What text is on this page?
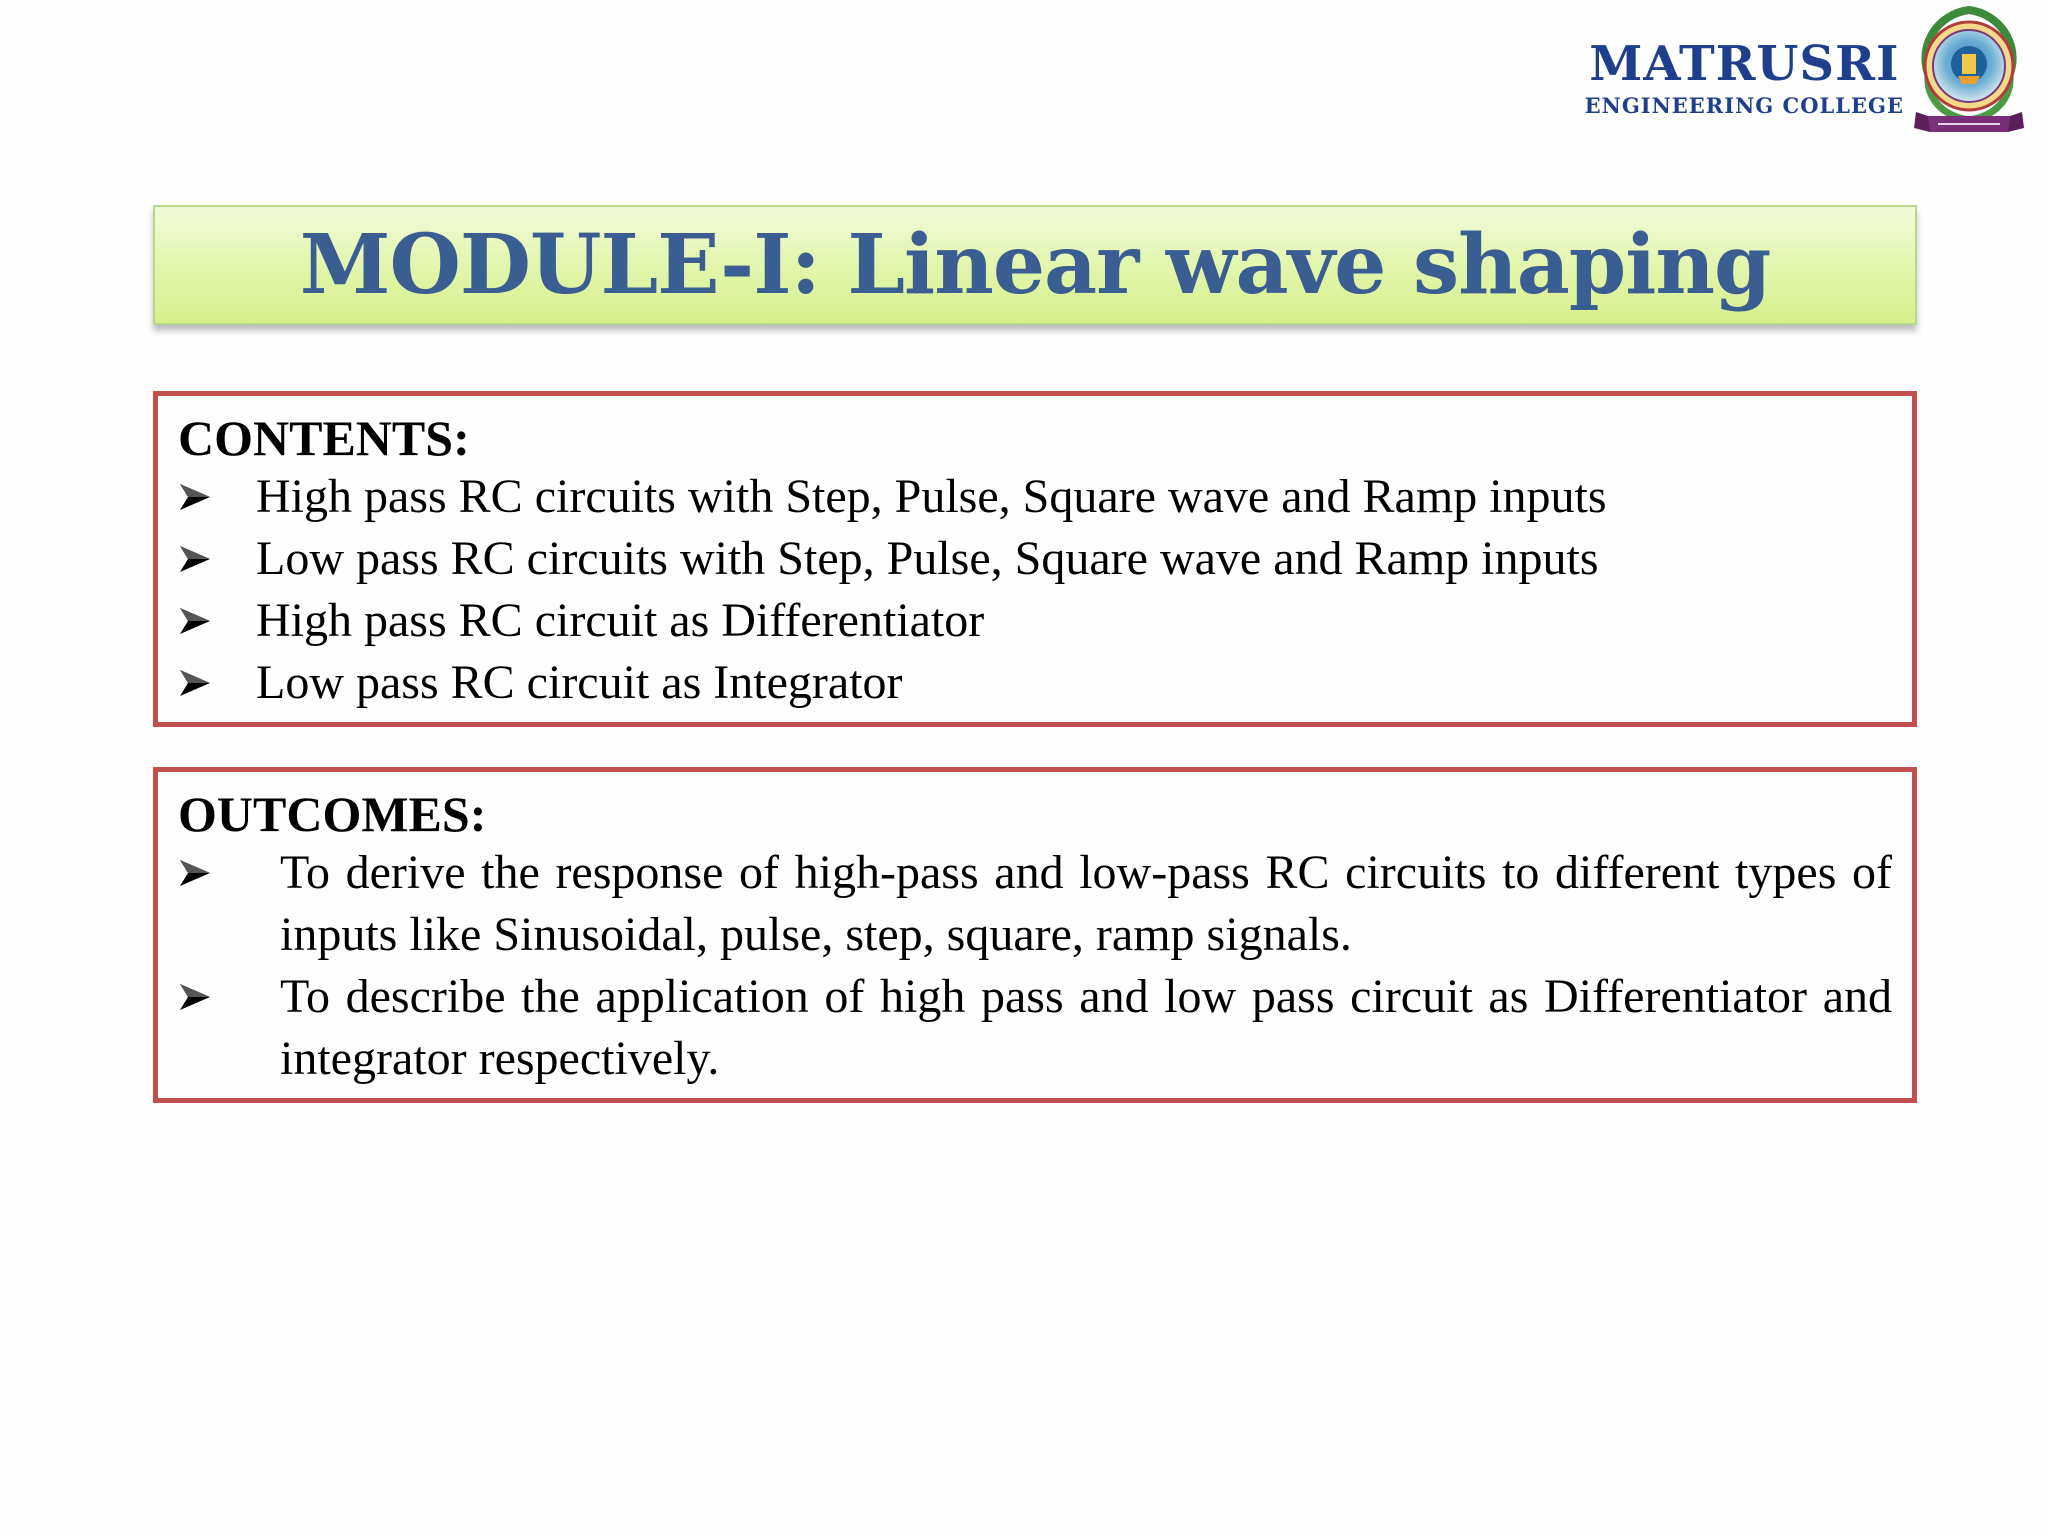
MATRUSRI
ENGINEERING COLLEGE
MODULE-I: Linear wave shaping
CONTENTS:
High pass RC circuits with Step, Pulse, Square wave and Ramp inputs
Low pass RC circuits with Step, Pulse, Square wave and Ramp inputs
High pass RC circuit as Differentiator
Low pass RC circuit as Integrator
OUTCOMES:
To derive the response of high-pass and low-pass RC circuits to different types of inputs like Sinusoidal, pulse, step, square, ramp signals.
To describe the application of high pass and low pass circuit as Differentiator and integrator respectively.
